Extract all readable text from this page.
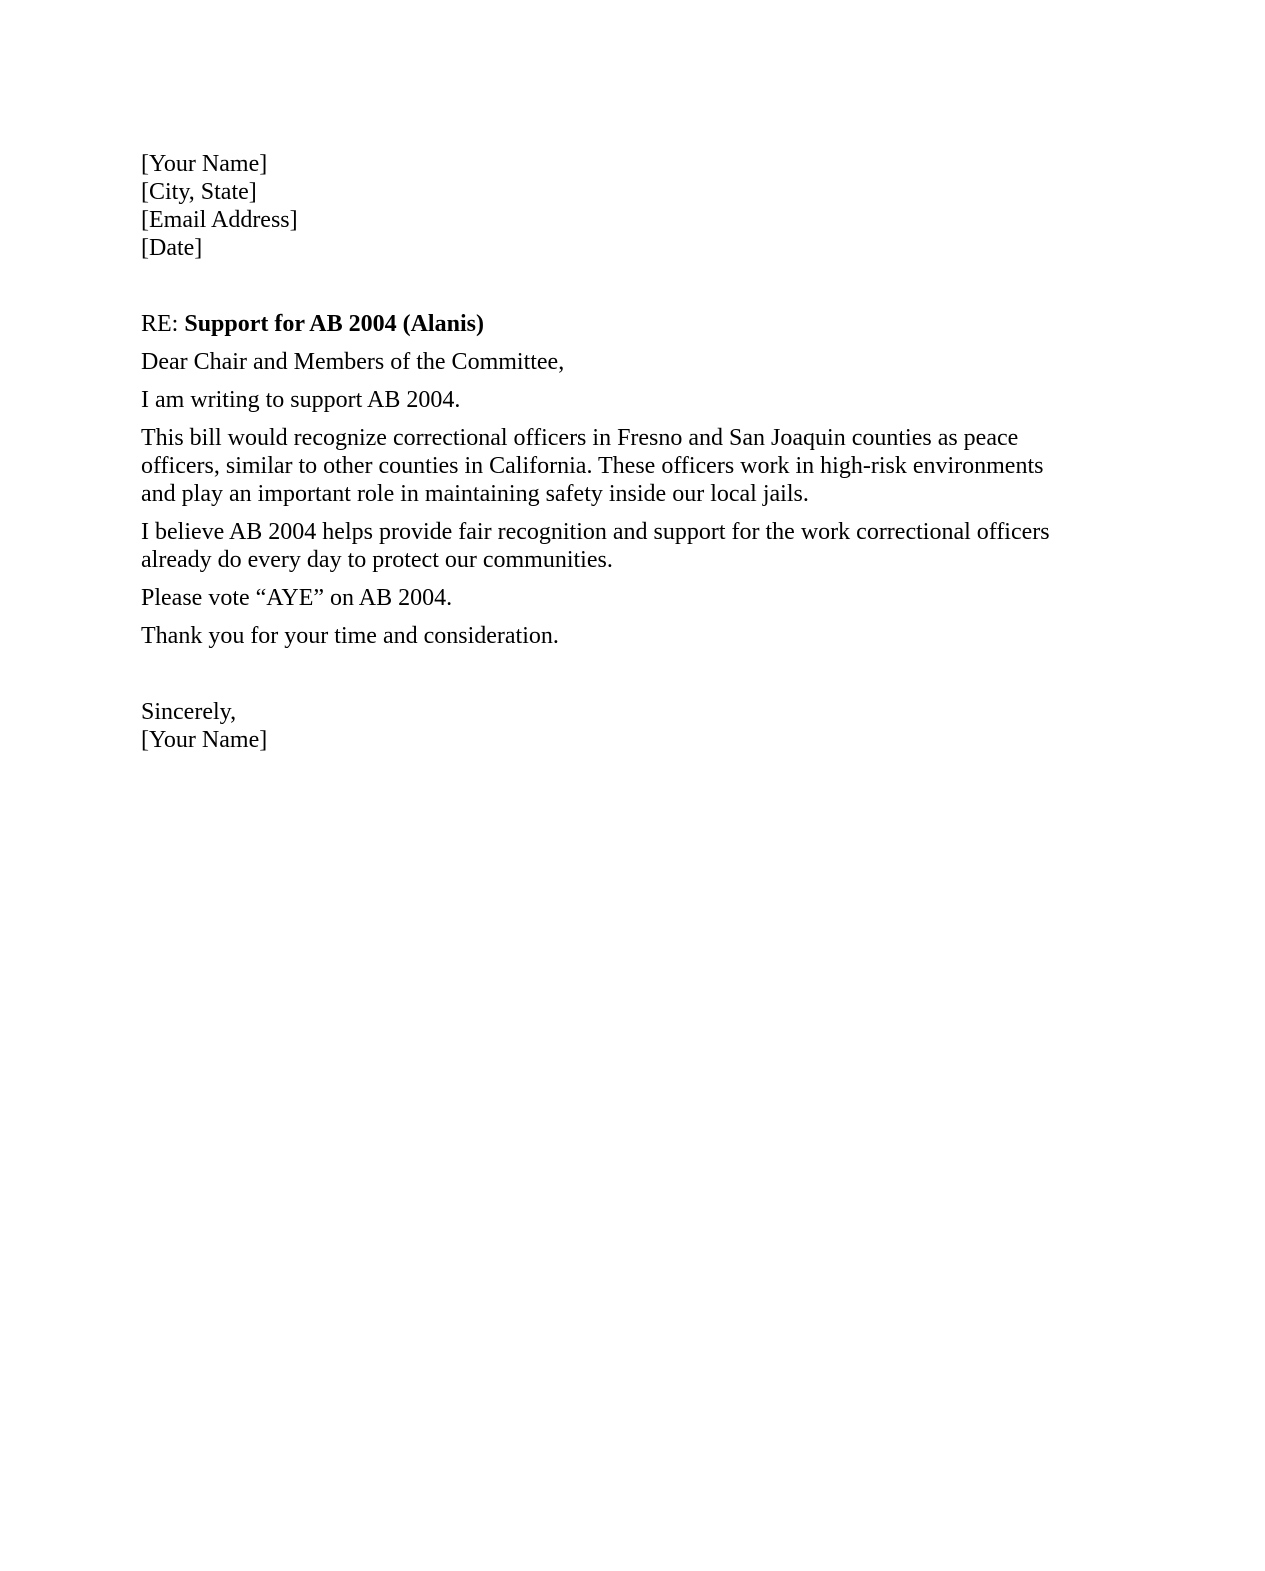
[Your Name]
[City, State]
[Email Address]
[Date]
RE: Support for AB 2004 (Alanis)

Dear Chair and Members of the Committee,

I am writing to support AB 2004.

This bill would recognize correctional officers in Fresno and San Joaquin counties as peace officers, similar to other counties in California. These officers work in high-risk environments and play an important role in maintaining safety inside our local jails.

I believe AB 2004 helps provide fair recognition and support for the work correctional officers already do every day to protect our communities.

Please vote “AYE” on AB 2004.

Thank you for your time and consideration.

Sincerely,
[Your Name]
